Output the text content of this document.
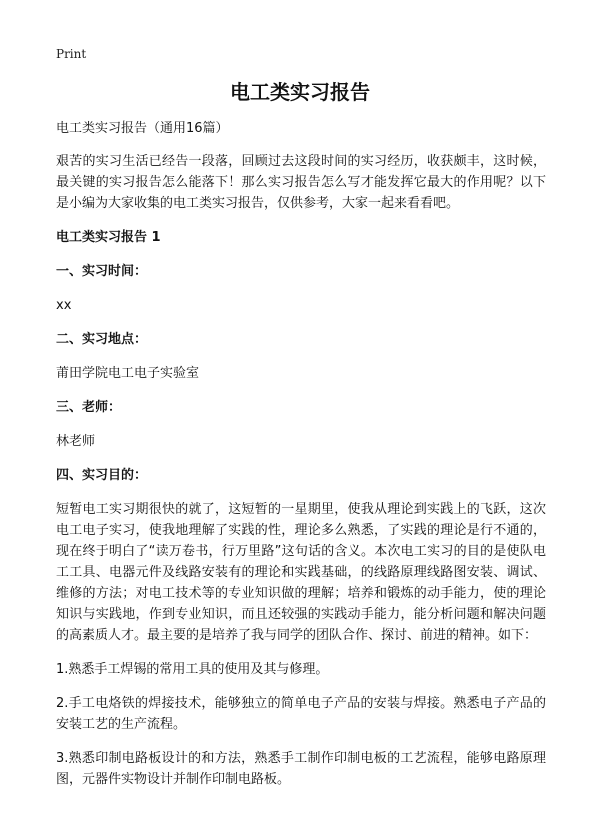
Print
电工类实习报告

电工类实习报告（通用16篇）

艰苦的实习生活已经告一段落，回顾过去这段时间的实习经历，收获颇丰，这时候，最关键的实习报告怎么能落下！那么实习报告怎么写才能发挥它最大的作用呢？以下是小编为大家收集的电工类实习报告，仅供参考，大家一起来看看吧。

电工类实习报告 1
一、实习时间：

xx

二、实习地点：

莆田学院电工电子实验室

三、老师：

林老师

四、实习目的：

短暂电工实习期很快的就了，这短暂的一星期里，使我从理论到实践上的飞跃，这次电工电子实习，使我地理解了实践的性，理论多么熟悉，了实践的理论是行不通的，现在终于明白了“读万卷书，行万里路”这句话的含义。本次电工实习的目的是使队电工工具、电器元件及线路安装有的理论和实践基础，的线路原理线路图安装、调试、维修的方法；对电工技术等的专业知识做的理解；培养和锻炼的动手能力，使的理论知识与实践地，作到专业知识，而且还较强的实践动手能力，能分析问题和解决问题的高素质人才。最主要的是培养了我与同学的团队合作、探讨、前进的精神。如下：

1.熟悉手工焊锡的常用工具的使用及其与修理。

2.手工电烙铁的焊接技术，能够独立的简单电子产品的安装与焊接。熟悉电子产品的安装工艺的生产流程。

3.熟悉印制电路板设计的和方法，熟悉手工制作印制电板的工艺流程，能够电路原理图，元器件实物设计并制作印制电路板。
